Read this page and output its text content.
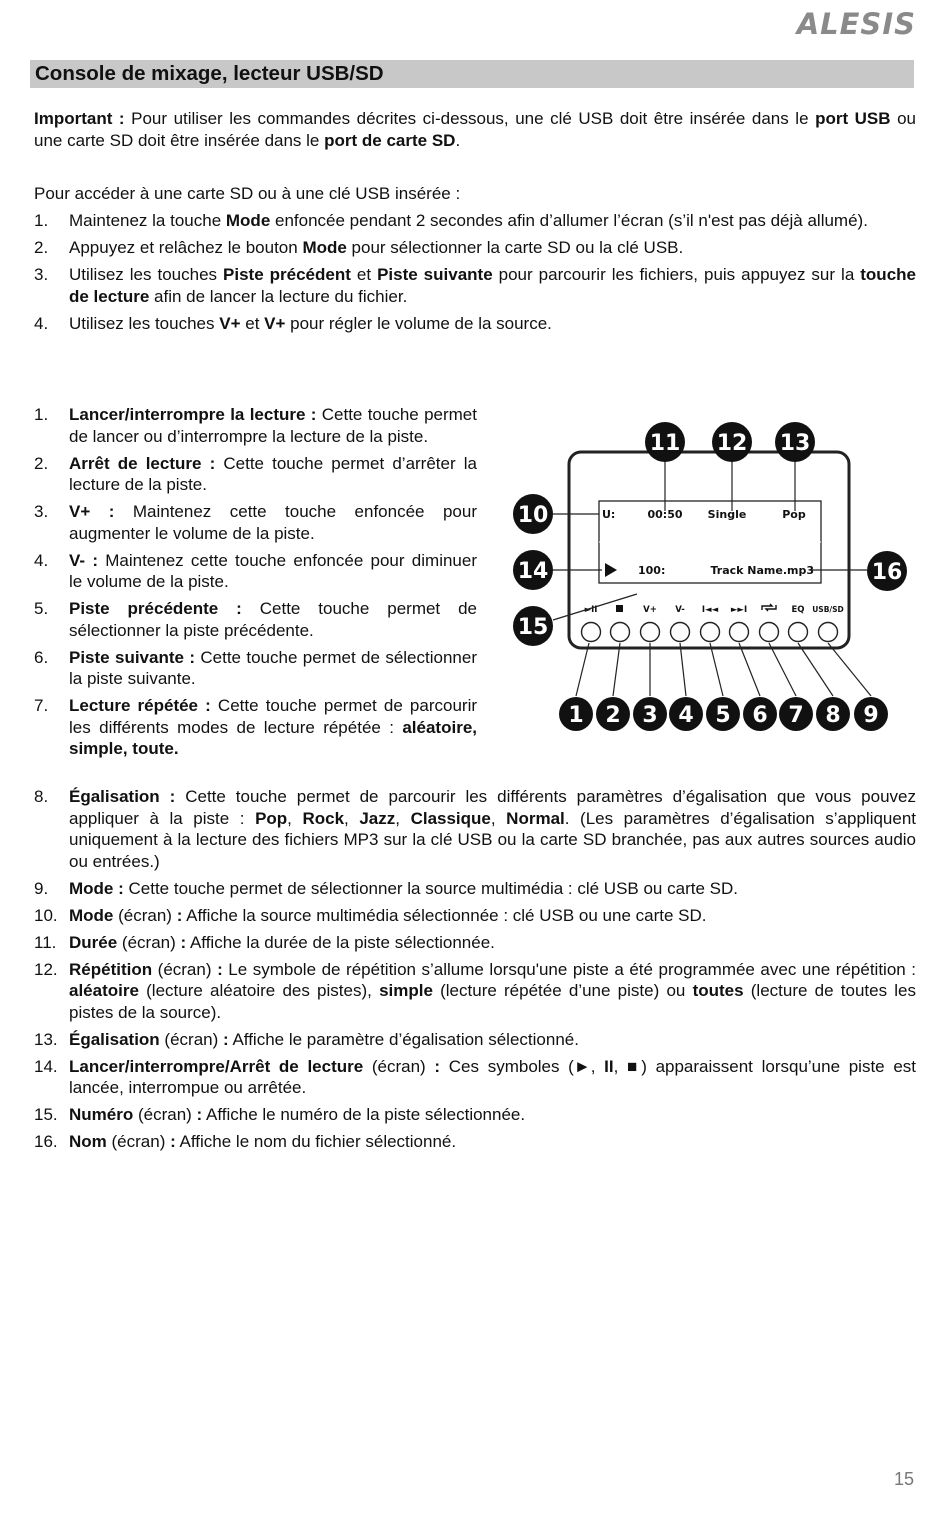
ALESIS
Console de mixage, lecteur USB/SD
Important : Pour utiliser les commandes décrites ci-dessous, une clé USB doit être insérée dans le port USB ou une carte SD doit être insérée dans le port de carte SD.
Pour accéder à une carte SD ou à une clé USB insérée :
1. Maintenez la touche Mode enfoncée pendant 2 secondes afin d’allumer l’écran (s’il n'est pas déjà allumé).
2. Appuyez et relâchez le bouton Mode pour sélectionner la carte SD ou la clé USB.
3. Utilisez les touches Piste précédent et Piste suivante pour parcourir les fichiers, puis appuyez sur la touche de lecture afin de lancer la lecture du fichier.
4. Utilisez les touches V+ et V+ pour régler le volume de la source.
1. Lancer/interrompre la lecture : Cette touche permet de lancer ou d’interrompre la lecture de la piste.
2. Arrêt de lecture : Cette touche permet d’arrêter la lecture de la piste.
3. V+ : Maintenez cette touche enfoncée pour augmenter le volume de la piste.
4. V- : Maintenez cette touche enfoncée pour diminuer le volume de la piste.
5. Piste précédente : Cette touche permet de sélectionner la piste précédente.
6. Piste suivante : Cette touche permet de sélectionner la piste suivante.
7. Lecture répétée : Cette touche permet de parcourir les différents modes de lecture répétée : aléatoire, simple, toute.
U:	00:50 Single	Pop
100:	Track Name.mp3
►II	V+ V- I◄◄ ►►I	EQ USB/SD
11 12 13
10
14
15
16
1 2 3 4 5 6 7 8 9
8. Égalisation : Cette touche permet de parcourir les différents paramètres d’égalisation que vous pouvez appliquer à la piste : Pop, Rock, Jazz, Classique, Normal. (Les paramètres d’égalisation s’appliquent uniquement à la lecture des fichiers MP3 sur la clé USB ou la carte SD branchée, pas aux autres sources audio ou entrées.)
9. Mode : Cette touche permet de sélectionner la source multimédia : clé USB ou carte SD.
10. Mode (écran) : Affiche la source multimédia sélectionnée : clé USB ou une carte SD.
11. Durée (écran) : Affiche la durée de la piste sélectionnée.
12. Répétition (écran) : Le symbole de répétition s’allume lorsqu'une piste a été programmée avec une répétition : aléatoire (lecture aléatoire des pistes), simple (lecture répétée d’une piste) ou toutes (lecture de toutes les pistes de la source).
13. Égalisation (écran) : Affiche le paramètre d’égalisation sélectionné.
14. Lancer/interrompre/Arrêt de lecture (écran) : Ces symboles (►, II, ■) apparaissent lorsqu’une piste est lancée, interrompue ou arrêtée.
15. Numéro (écran) : Affiche le numéro de la piste sélectionnée.
16. Nom (écran) : Affiche le nom du fichier sélectionné.
15
